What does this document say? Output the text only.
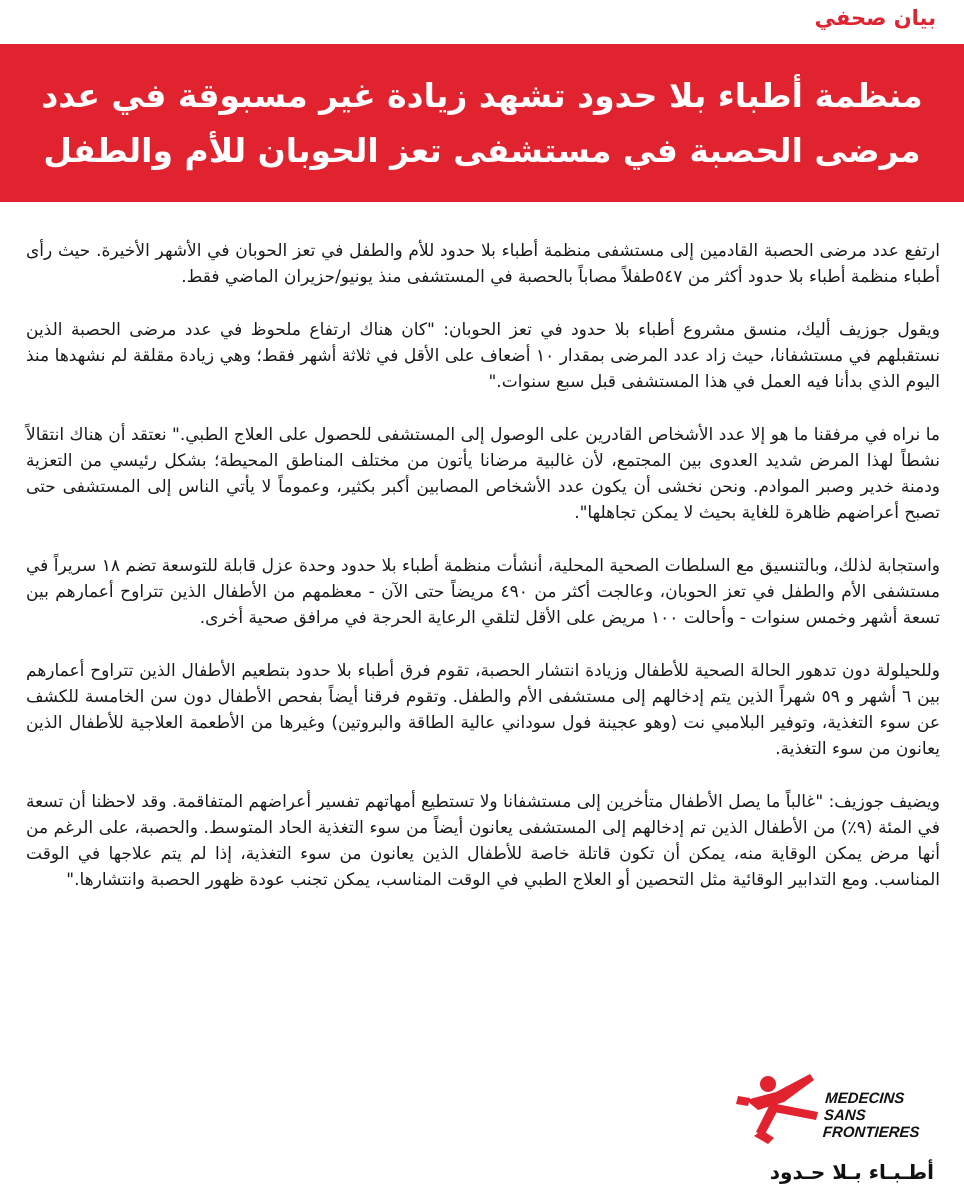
بيان صحفي
منظمة أطباء بلا حدود تشهد زيادة غير مسبوقة في عدد مرضى الحصبة في مستشفى تعز الحوبان للأم والطفل

ارتفع عدد مرضى الحصبة القادمين إلى مستشفى منظمة أطباء بلا حدود للأم والطفل في تعز الحوبان في الأشهر الأخيرة. حيث رأى أطباء منظمة أطباء بلا حدود أكثر من ٥٤٧طفلاً مصاباً بالحصبة في المستشفى منذ يونيو/حزيران الماضي فقط.

ويقول جوزيف أليك، منسق مشروع أطباء بلا حدود في تعز الحوبان: "كان هناك ارتفاع ملحوظ في عدد مرضى الحصبة الذين نستقبلهم في مستشفانا، حيث زاد عدد المرضى بمقدار ١٠ أضعاف على الأقل في ثلاثة أشهر فقط؛ وهي زيادة مقلقة لم نشهدها منذ اليوم الذي بدأنا فيه العمل في هذا المستشفى قبل سبع سنوات."

ما نراه في مرفقنا ما هو إلا عدد الأشخاص القادرين على الوصول إلى المستشفى للحصول على العلاج الطبي." نعتقد أن هناك انتقالاً نشطاً لهذا المرض شديد العدوى بين المجتمع، لأن غالبية مرضانا يأتون من مختلف المناطق المحيطة؛ بشكل رئيسي من التعزية ودمنة خدير وصبر الموادم. ونحن نخشى أن يكون عدد الأشخاص المصابين أكبر بكثير، وعموماً لا يأتي الناس إلى المستشفى حتى تصبح أعراضهم ظاهرة للغاية بحيث لا يمكن تجاهلها".

واستجابة لذلك، وبالتنسيق مع السلطات الصحية المحلية، أنشأت منظمة أطباء بلا حدود وحدة عزل قابلة للتوسعة تضم ١٨ سريراً في مستشفى الأم والطفل في تعز الحوبان، وعالجت أكثر من ٤٩٠ مريضاً حتى الآن - معظمهم من الأطفال الذين تتراوح أعمارهم بين تسعة أشهر وخمس سنوات - وأحالت ١٠٠ مريض على الأقل لتلقي الرعاية الحرجة في مرافق صحية أخرى.

وللحيلولة دون تدهور الحالة الصحية للأطفال وزيادة انتشار الحصبة، تقوم فرق أطباء بلا حدود بتطعيم الأطفال الذين تتراوح أعمارهم بين ٦ أشهر و ٥٩ شهراً الذين يتم إدخالهم إلى مستشفى الأم والطفل. وتقوم فرقنا أيضاً بفحص الأطفال دون سن الخامسة للكشف عن سوء التغذية، وتوفير البلامبي نت (وهو عجينة فول سوداني عالية الطاقة والبروتين) وغيرها من الأطعمة العلاجية للأطفال الذين يعانون من سوء التغذية.

ويضيف جوزيف: "غالباً ما يصل الأطفال متأخرين إلى مستشفانا ولا تستطيع أمهاتهم تفسير أعراضهم المتفاقمة. وقد لاحظنا أن تسعة في المئة (٩٪) من الأطفال الذين تم إدخالهم إلى المستشفى يعانون أيضاً من سوء التغذية الحاد المتوسط. والحصبة، على الرغم من أنها مرض يمكن الوقاية منه، يمكن أن تكون قاتلة خاصة للأطفال الذين يعانون من سوء التغذية، إذا لم يتم علاجها في الوقت المناسب. ومع التدابير الوقائية مثل التحصين أو العلاج الطبي في الوقت المناسب، يمكن تجنب عودة ظهور الحصبة وانتشارها."

MEDECINS
SANS FRONTIERES
أطـبـاء بـلا حـدود
